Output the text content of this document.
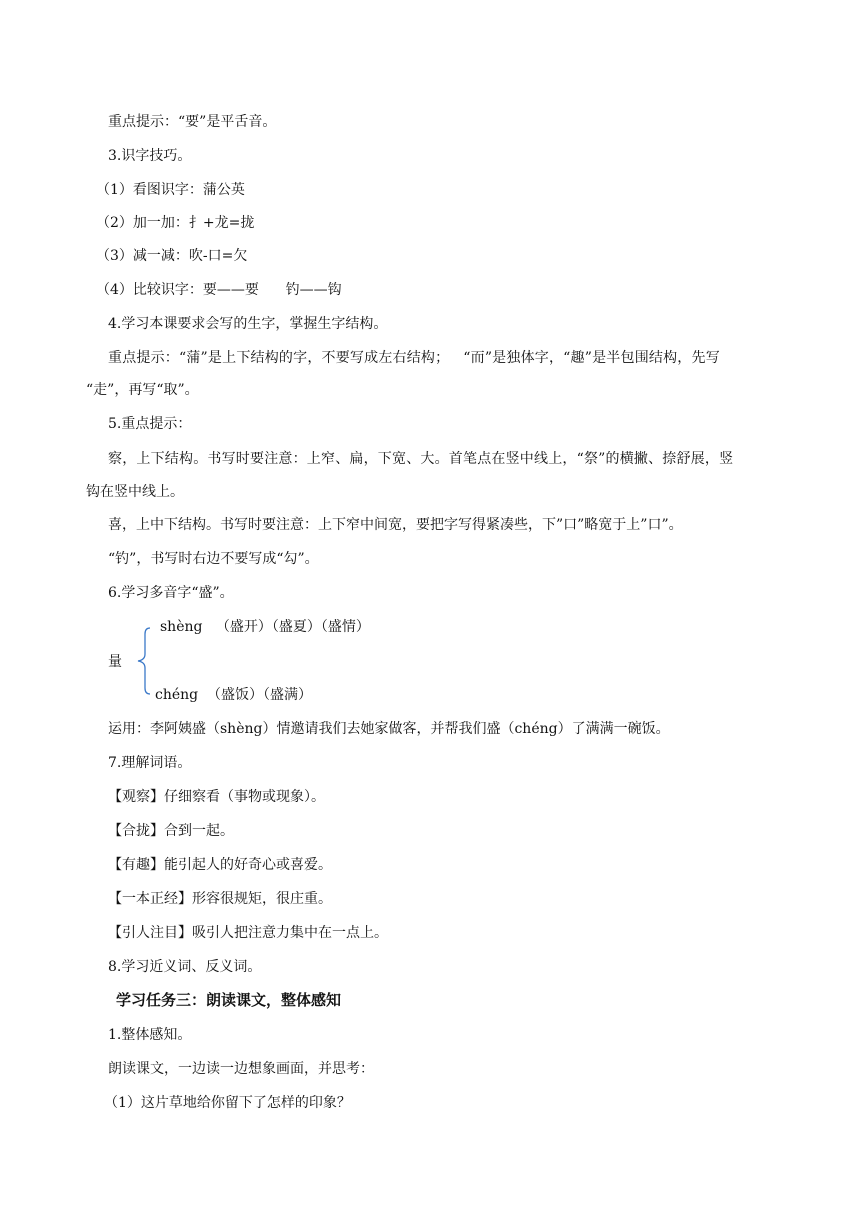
重点提示：“要”是平舌音。
3.识字技巧。
（1）看图识字：蒲公英
（2）加一加：扌+龙=拢
（3）减一减：吹-口=欠
（4）比较识字：要——要      钓——钩
4.学习本课要求会写的生字，掌握生字结构。
重点提示：“蒲”是上下结构的字，不要写成左右结构；   “而”是独体字，“趣”是半包围结构，先写
“走”，再写“取”。
5.重点提示：
察，上下结构。书写时要注意：上窄、扁，下宽、大。首笔点在竖中线上，“祭”的横撇、捺舒展，竖
钩在竖中线上。
喜，上中下结构。书写时要注意：上下窄中间宽，要把字写得紧凑些，下”口”略宽于上”口”。
“钓”，书写时右边不要写成“勾”。
6.学习多音字“盛”。
shèng   （盛开）（盛夏）（盛情）
量
chéng  （盛饭）（盛满）
运用：李阿姨盛（shèng）情邀请我们去她家做客，并帮我们盛（chéng）了满满一碗饭。
7.理解词语。
【观察】仔细察看（事物或现象）。
【合拢】合到一起。
【有趣】能引起人的好奇心或喜爱。
【一本正经】形容很规矩，很庄重。
【引人注目】吸引人把注意力集中在一点上。
8.学习近义词、反义词。
学习任务三：朗读课文，整体感知
1.整体感知。
朗读课文，一边读一边想象画面，并思考：
（1）这片草地给你留下了怎样的印象？
